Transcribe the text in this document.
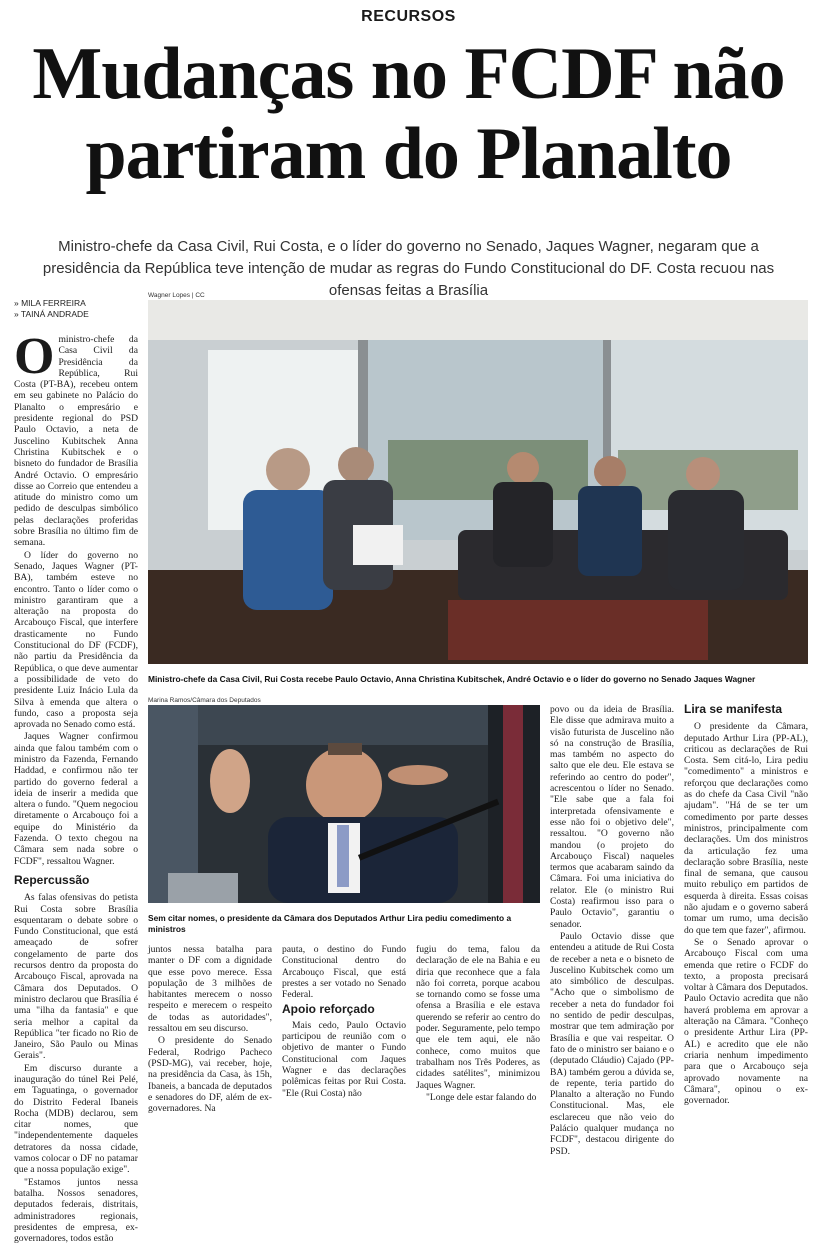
RECURSOS
Mudanças no FCDF não
partiram do Planalto
Ministro-chefe da Casa Civil, Rui Costa, e o líder do governo no Senado, Jaques Wagner, negaram que a presidência da República teve intenção de mudar as regras do Fundo Constitucional do DF. Costa recuou nas ofensas feitas a Brasília
» MILA FERREIRA
» TAINÁ ANDRADE
Wagner Lopes | CC
Ministro-chefe da Casa Civil, Rui Costa recebe Paulo Octavio, Anna Christina Kubitschek, André Octavio e o líder do governo no Senado Jaques Wagner
Marina Ramos/Câmara dos Deputados
Sem citar nomes, o presidente da Câmara dos Deputados Arthur Lira pediu comedimento a ministros

Oministro-chefe da Casa Civil da Presidência da República, Rui Costa (PT-BA), recebeu ontem em seu gabinete no Palácio do Planalto o empresário e presidente regional do PSD Paulo Octavio, a neta de Juscelino Kubitschek Anna Christina Kubitschek e o bisneto do fundador de Brasília André Octavio. O empresário disse ao Correio que entendeu a atitude do ministro como um pedido de desculpas simbólico pelas declarações proferidas sobre Brasília no último fim de semana.

O líder do governo no Senado, Jaques Wagner (PT-BA), também esteve no encontro. Tanto o líder como o ministro garantiram que a alteração na proposta do Arcabouço Fiscal, que interfere drasticamente no Fundo Constitucional do DF (FCDF), não partiu da Presidência da República, o que deve aumentar a possibilidade de veto do presidente Luiz Inácio Lula da Silva à emenda que altera o fundo, caso a proposta seja aprovada no Senado como está.

Jaques Wagner confirmou ainda que falou também com o ministro da Fazenda, Fernando Haddad, e confirmou não ter partido do governo federal a ideia de inserir a medida que altera o fundo. "Quem negociou diretamente o Arcabouço foi a equipe do Ministério da Fazenda. O texto chegou na Câmara sem nada sobre o FCDF", ressaltou Wagner.

Repercussão

As falas ofensivas do petista Rui Costa sobre Brasília esquentaram o debate sobre o Fundo Constitucional, que está ameaçado de sofrer congelamento de parte dos recursos dentro da proposta do Arcabouço Fiscal, aprovada na Câmara dos Deputados. O ministro declarou que Brasília é uma "ilha da fantasia" e que seria melhor a capital da República "ter ficado no Rio de Janeiro, São Paulo ou Minas Gerais".

Em discurso durante a inauguração do túnel Rei Pelé, em Taguatinga, o governador do Distrito Federal Ibaneis Rocha (MDB) declarou, sem citar nomes, que "independentemente daqueles detratores da nossa cidade, vamos colocar o DF no patamar que a nossa população exige".

"Estamos juntos nessa batalha. Nossos senadores, deputados federais, distritais, administradores regionais, presidentes de empresa, ex-governadores, todos estão

juntos nessa batalha para manter o DF com a dignidade que esse povo merece. Essa população de 3 milhões de habitantes merecem o nosso respeito e merecem o respeito de todas as autoridades", ressaltou em seu discurso.

O presidente do Senado Federal, Rodrigo Pacheco (PSD-MG), vai receber, hoje, na presidência da Casa, às 15h, Ibaneis, a bancada de deputados e senadores do DF, além de ex-governadores. Na

pauta, o destino do Fundo Constitucional dentro do Arcabouço Fiscal, que está prestes a ser votado no Senado Federal.

Apoio reforçado

Mais cedo, Paulo Octavio participou de reunião com o objetivo de manter o Fundo Constitucional com Jaques Wagner e das declarações polêmicas feitas por Rui Costa. "Ele (Rui Costa) não

povo ou da ideia de Brasília. Ele disse que admirava muito a visão futurista de Juscelino não só na construção de Brasília, mas também no aspecto do salto que ele deu. Ele estava se referindo ao centro do poder", acrescentou o líder no Senado. "Ele sabe que a fala foi interpretada ofensivamente e esse não foi o objetivo dele", ressaltou. "O governo não mandou (o projeto do Arcabouço Fiscal) naqueles termos que acabaram saindo da Câmara. Foi uma iniciativa do relator. Ele (o ministro Rui Costa) reafirmou isso para o Paulo Octavio", garantiu o senador.

Paulo Octavio disse que entendeu a atitude de Rui Costa de receber a neta e o bisneto de Juscelino Kubitschek como um ato simbólico de desculpas. "Acho que o simbolismo de receber a neta do fundador foi no sentido de pedir desculpas, mostrar que tem admiração por Brasília e que vai respeitar. O fato de o ministro ser baiano e o (deputado Cláudio) Cajado (PP-BA) também gerou a dúvida se, de repente, teria partido do Planalto a alteração no Fundo Constitucional. Mas, ele esclareceu que não veio do Palácio qualquer mudança no FCDF", destacou dirigente do PSD.

fugiu do tema, falou da declaração de ele na Bahia e eu diria que reconhece que a fala não foi correta, porque acabou se tornando como se fosse uma ofensa a Brasília e ele estava querendo se referir ao centro do poder. Seguramente, pelo tempo que ele tem aqui, ele não conhece, como muitos que trabalham nos Três Poderes, as cidades satélites", minimizou Jaques Wagner.

"Longe dele estar falando do

Lira se manifesta

O presidente da Câmara, deputado Arthur Lira (PP-AL), criticou as declarações de Rui Costa. Sem citá-lo, Lira pediu "comedimento" a ministros e reforçou que declarações como as do chefe da Casa Civil "não ajudam". "Há de se ter um comedimento por parte desses ministros, principalmente com declarações. Um dos ministros da articulação fez uma declaração sobre Brasília, neste final de semana, que causou muito rebuliço em partidos de esquerda à direita. Essas coisas não ajudam e o governo saberá tomar um rumo, uma decisão do que tem que fazer", afirmou.

Se o Senado aprovar o Arcabouço Fiscal com uma emenda que retire o FCDF do texto, a proposta precisará voltar à Câmara dos Deputados. Paulo Octavio acredita que não haverá problema em aprovar a alteração na Câmara. "Conheço o presidente Arthur Lira (PP-AL) e acredito que ele não criaria nenhum impedimento para que o Arcabouço seja aprovado novamente na Câmara", opinou o ex-governador.
